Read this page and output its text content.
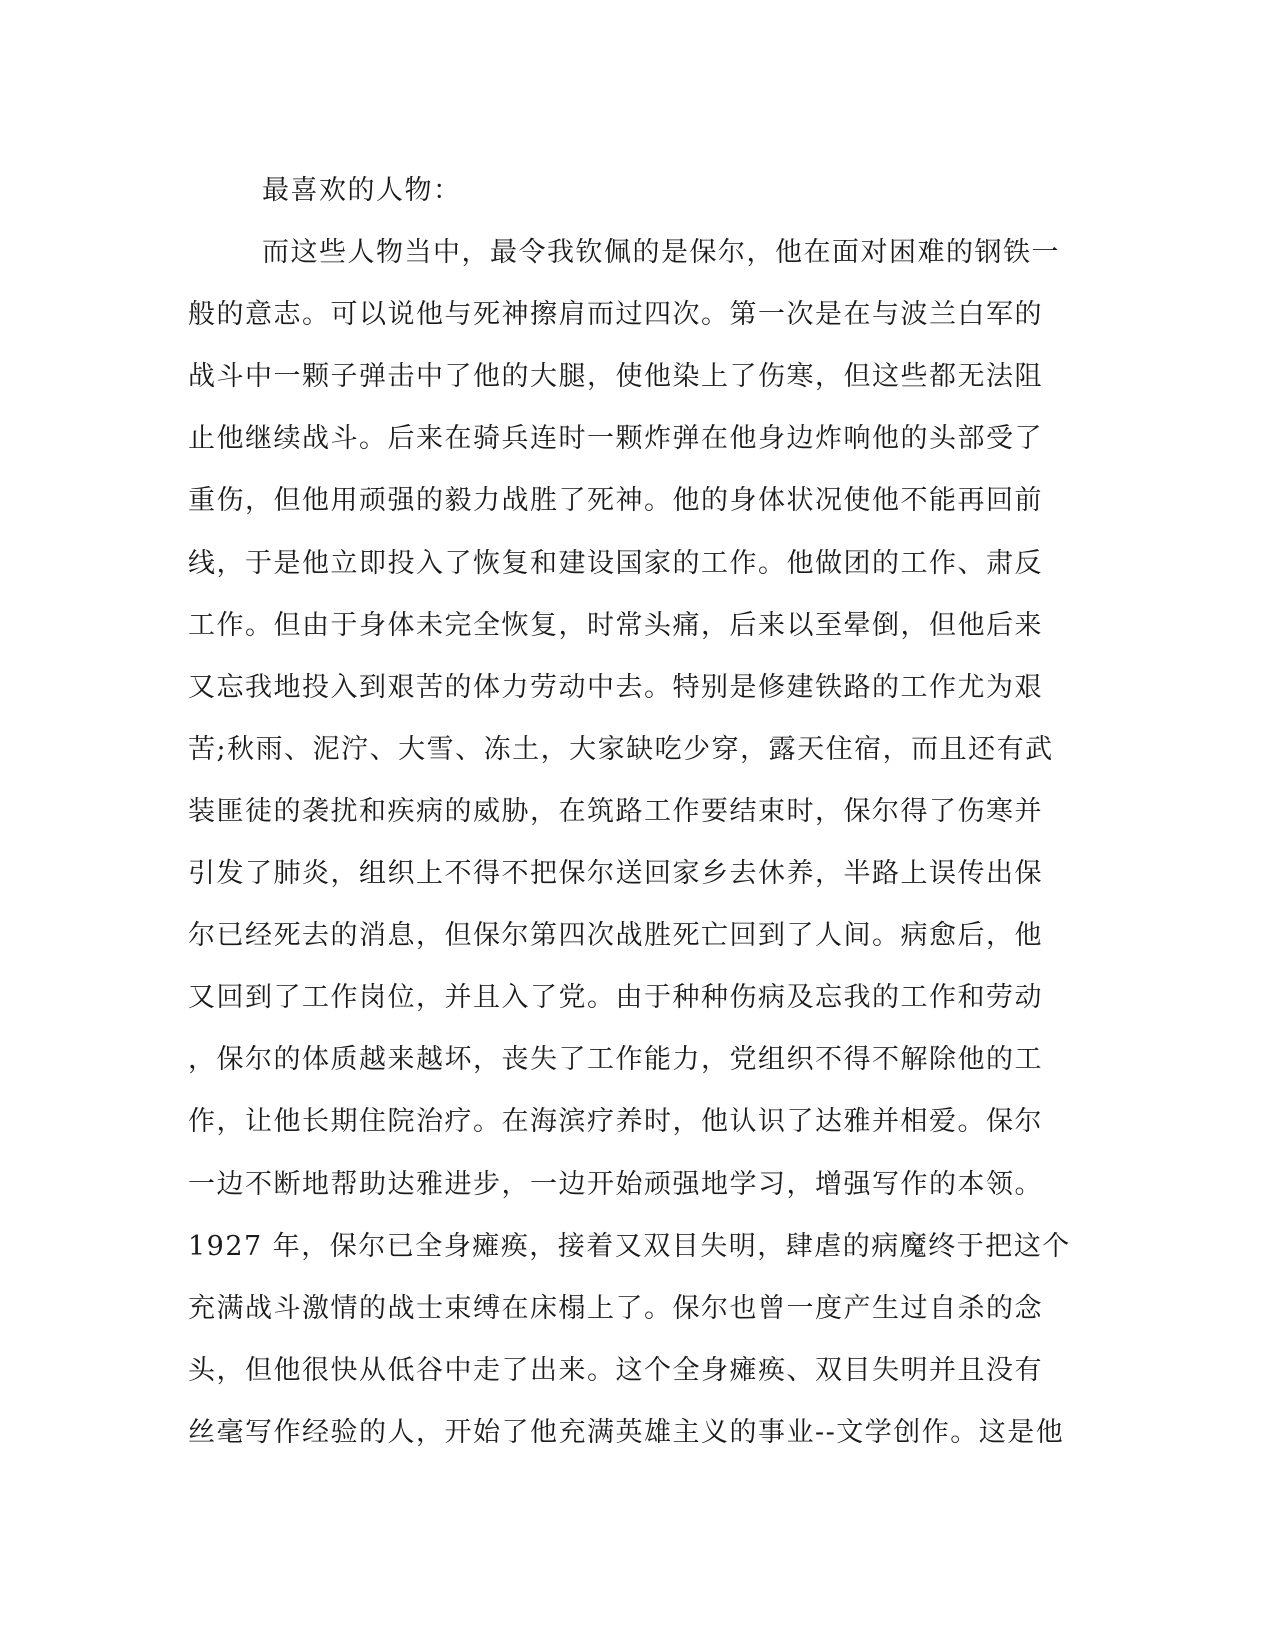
最喜欢的人物：
而这些人物当中，最令我钦佩的是保尔，他在面对困难的钢铁一
般的意志。可以说他与死神擦肩而过四次。第一次是在与波兰白军的
战斗中一颗子弹击中了他的大腿，使他染上了伤寒，但这些都无法阻
止他继续战斗。后来在骑兵连时一颗炸弹在他身边炸响他的头部受了
重伤，但他用顽强的毅力战胜了死神。他的身体状况使他不能再回前
线，于是他立即投入了恢复和建设国家的工作。他做团的工作、肃反
工作。但由于身体未完全恢复，时常头痛，后来以至晕倒，但他后来
又忘我地投入到艰苦的体力劳动中去。特别是修建铁路的工作尤为艰
苦;秋雨、泥泞、大雪、冻土，大家缺吃少穿，露天住宿，而且还有武
装匪徒的袭扰和疾病的威胁，在筑路工作要结束时，保尔得了伤寒并
引发了肺炎，组织上不得不把保尔送回家乡去休养，半路上误传出保
尔已经死去的消息，但保尔第四次战胜死亡回到了人间。病愈后，他
又回到了工作岗位，并且入了党。由于种种伤病及忘我的工作和劳动
，保尔的体质越来越坏，丧失了工作能力，党组织不得不解除他的工
作，让他长期住院治疗。在海滨疗养时，他认识了达雅并相爱。保尔
一边不断地帮助达雅进步，一边开始顽强地学习，增强写作的本领。
1927 年，保尔已全身瘫痪，接着又双目失明，肆虐的病魔终于把这个
充满战斗激情的战士束缚在床榻上了。保尔也曾一度产生过自杀的念
头，但他很快从低谷中走了出来。这个全身瘫痪、双目失明并且没有
丝毫写作经验的人，开始了他充满英雄主义的事业--文学创作。这是他
